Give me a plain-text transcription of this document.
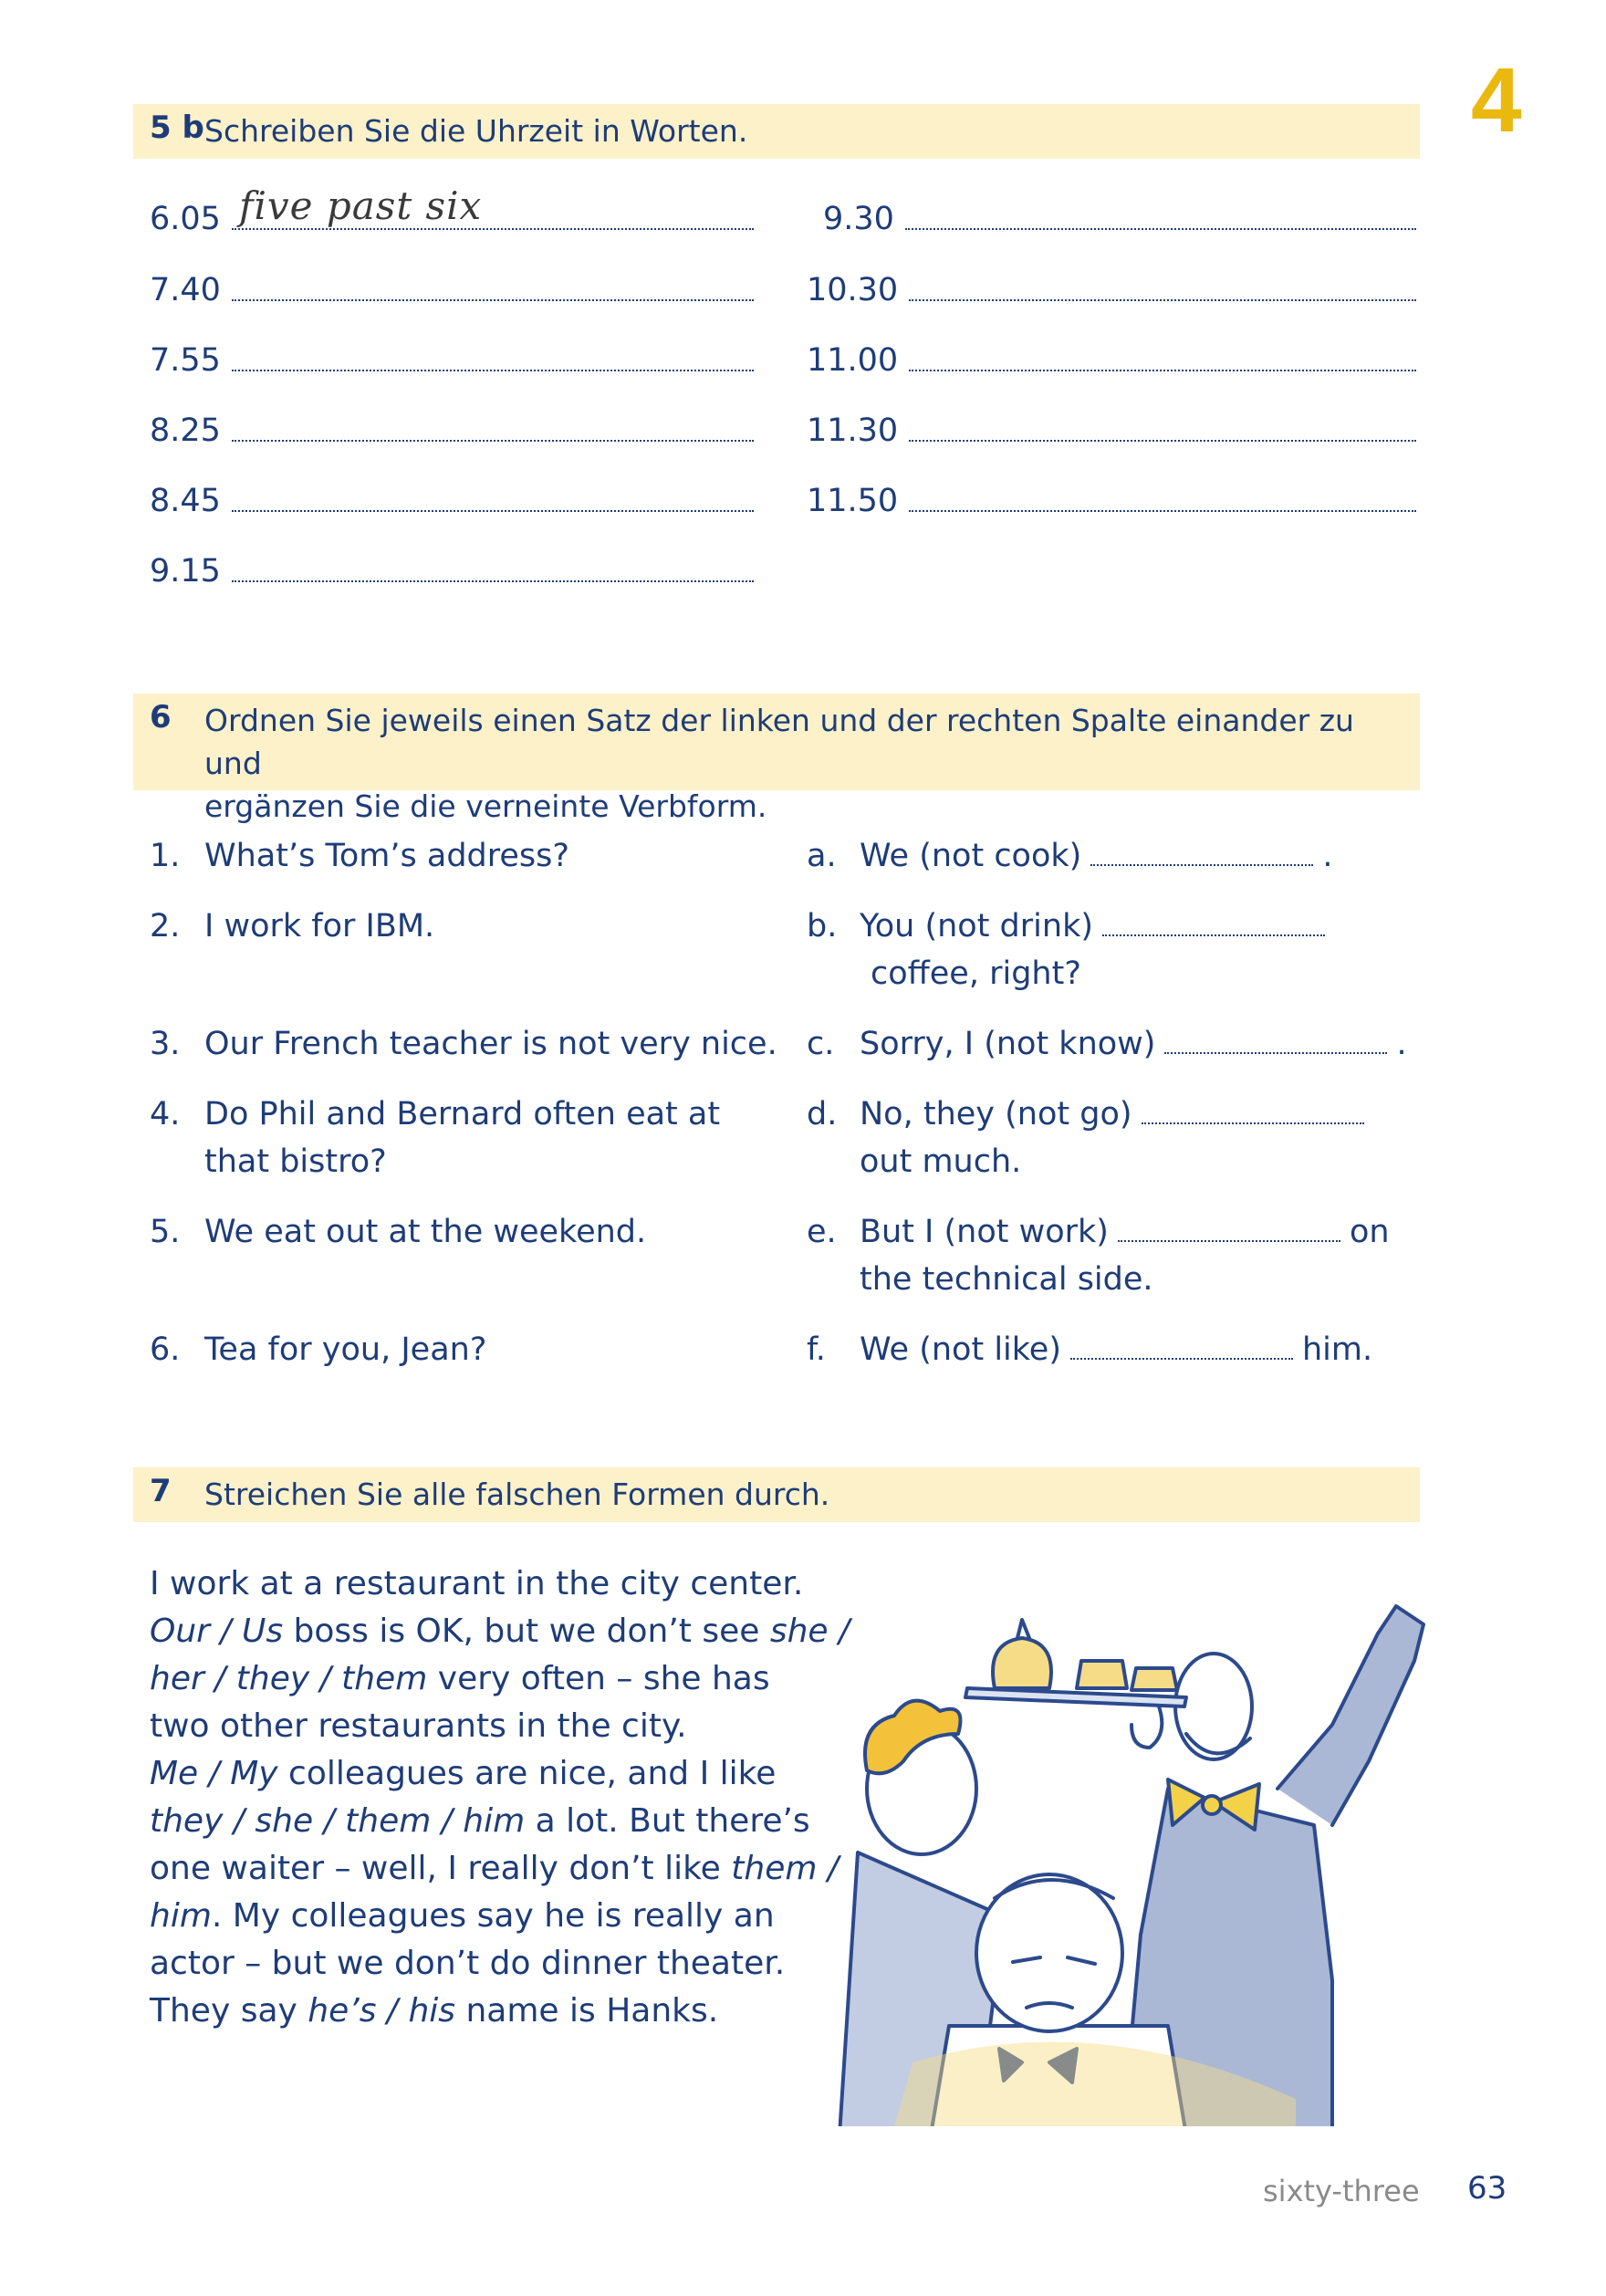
4
5 b Schreiben Sie die Uhrzeit in Worten.
6.05 five past six
7.40
7.55
8.25
8.45
9.15
9.30
10.30
11.00
11.30
11.50
6 Ordnen Sie jeweils einen Satz der linken und der rechten Spalte einander zu und
ergänzen Sie die verneinte Verbform.
1. What’s Tom’s address?
2. I work for IBM.
3. Our French teacher is not very nice.
4. Do Phil and Bernard often eat at
that bistro?
5. We eat out at the weekend.
6. Tea for you, Jean?
a. We (not cook)	.
b. You (not drink)
coffee, right?
c. Sorry, I (not know)	.
d. No, they (not go)
out much.
e. But I (not work)	on
the technical side.
f. We (not like)	him.
7 Streichen Sie alle falschen Formen durch.
I work at a restaurant in the city center.
Our / Us boss is OK, but we don’t see she /
her / they / them very often – she has
two other restaurants in the city.
Me / My colleagues are nice, and I like
they / she / them / him a lot. But there’s
one waiter – well, I really don’t like them /
him. My colleagues say he is really an
actor – but we don’t do dinner theater.
They say he’s / his name is Hanks.
sixty-three 63
